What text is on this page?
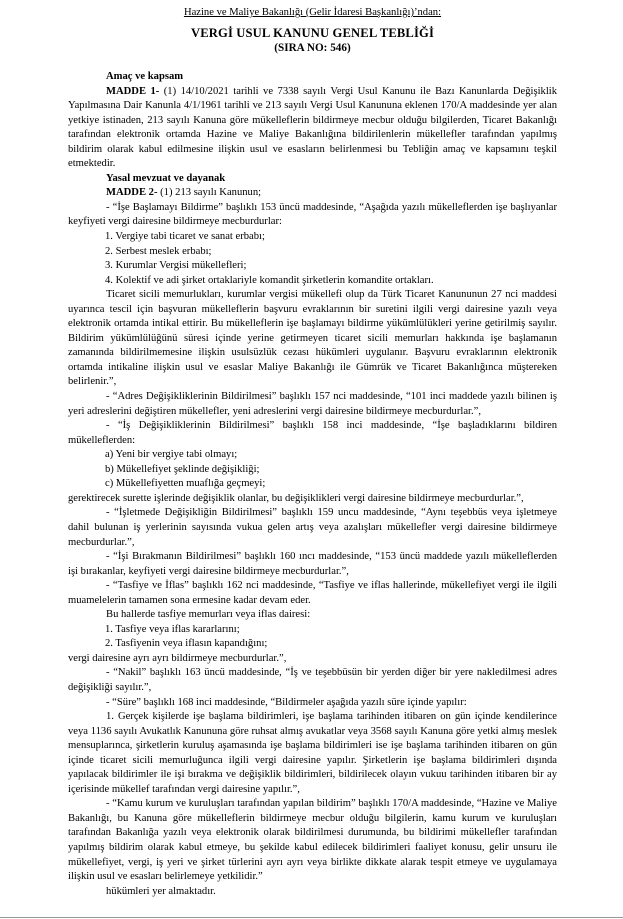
Hazine ve Maliye Bakanlığı (Gelir İdaresi Başkanlığı)’ndan:

VERGİ USUL KANUNU GENEL TEBLİĞİ

(SIRA NO: 546)

Amaç ve kapsam

MADDE 1- (1) 14/10/2021 tarihli ve 7338 sayılı Vergi Usul Kanunu ile Bazı Kanunlarda Değişiklik Yapılmasına Dair Kanunla 4/1/1961 tarihli ve 213 sayılı Vergi Usul Kanununa eklenen 170/A maddesinde yer alan yetkiye istinaden, 213 sayılı Kanuna göre mükelleflerin bildirmeye mecbur olduğu bilgilerden, Ticaret Bakanlığı tarafından elektronik ortamda Hazine ve Maliye Bakanlığına bildirilenlerin mükellefler tarafından yapılmış bildirim olarak kabul edilmesine ilişkin usul ve esasların belirlenmesi bu Tebliğin amaç ve kapsamını teşkil etmektedir.

Yasal mevzuat ve dayanak

MADDE 2- (1) 213 sayılı Kanunun;

- “İşe Başlamayı Bildirme” başlıklı 153 üncü maddesinde, “Aşağıda yazılı mükelleflerden işe başlıyanlar keyfiyeti vergi dairesine bildirmeye mecburdurlar:

1. Vergiye tabi ticaret ve sanat erbabı;

2. Serbest meslek erbabı;

3. Kurumlar Vergisi mükellefleri;

4. Kolektif ve adi şirket ortaklariyle komandit şirketlerin komandite ortakları.

Ticaret sicili memurlukları, kurumlar vergisi mükellefi olup da Türk Ticaret Kanununun 27 nci maddesi uyarınca tescil için başvuran mükelleflerin başvuru evraklarının bir suretini ilgili vergi dairesine yazılı veya elektronik ortamda intikal ettirir. Bu mükelleflerin işe başlamayı bildirme yükümlülükleri yerine getirilmiş sayılır. Bildirim yükümlülüğünü süresi içinde yerine getirmeyen ticaret sicili memurları hakkında işe başlamanın zamanında bildirilmemesine ilişkin usulsüzlük cezası hükümleri uygulanır. Başvuru evraklarının elektronik ortamda intikaline ilişkin usul ve esaslar Maliye Bakanlığı ile Gümrük ve Ticaret Bakanlığınca müştereken belirlenir.”,

- “Adres Değişikliklerinin Bildirilmesi” başlıklı 157 nci maddesinde, “101 inci maddede yazılı bilinen iş yeri adreslerini değiştiren mükellefler, yeni adreslerini vergi dairesine bildirmeye mecburdurlar.”,

- “İş Değişikliklerinin Bildirilmesi” başlıklı 158 inci maddesinde, “İşe başladıklarını bildiren mükelleflerden:

a) Yeni bir vergiye tabi olmayı;

b) Mükellefiyet şeklinde değişikliği;

c) Mükellefiyetten muaflığa geçmeyi;

gerektirecek surette işlerinde değişiklik olanlar, bu değişiklikleri vergi dairesine bildirmeye mecburdurlar.”,

- “İşletmede Değişikliğin Bildirilmesi” başlıklı 159 uncu maddesinde, “Aynı teşebbüs veya işletmeye dahil bulunan iş yerlerinin sayısında vukua gelen artış veya azalışları mükellefler vergi dairesine bildirmeye mecburdurlar.”,

- “İşi Bırakmanın Bildirilmesi” başlıklı 160 ıncı maddesinde, “153 üncü maddede yazılı mükelleflerden işi bırakanlar, keyfiyeti vergi dairesine bildirmeye mecburdurlar.”,

- “Tasfiye ve İflas” başlıklı 162 nci maddesinde, “Tasfiye ve iflas hallerinde, mükellefiyet vergi ile ilgili muamelelerin tamamen sona ermesine kadar devam eder.

Bu hallerde tasfiye memurları veya iflas dairesi:

1. Tasfiye veya iflas kararlarını;

2. Tasfiyenin veya iflasın kapandığını;

vergi dairesine ayrı ayrı bildirmeye mecburdurlar.”,

- “Nakil” başlıklı 163 üncü maddesinde, “İş ve teşebbüsün bir yerden diğer bir yere nakledilmesi adres değişikliği sayılır.”,

- “Süre” başlıklı 168 inci maddesinde, “Bildirmeler aşağıda yazılı süre içinde yapılır:

1. Gerçek kişilerde işe başlama bildirimleri, işe başlama tarihinden itibaren on gün içinde kendilerince veya 1136 sayılı Avukatlık Kanununa göre ruhsat almış avukatlar veya 3568 sayılı Kanuna göre yetki almış meslek mensuplarınca, şirketlerin kuruluş aşamasında işe başlama bildirimleri ise işe başlama tarihinden itibaren on gün içinde ticaret sicili memurluğunca ilgili vergi dairesine yapılır. Şirketlerin işe başlama bildirimleri dışında yapılacak bildirimler ile işi bırakma ve değişiklik bildirimleri, bildirilecek olayın vukuu tarihinden itibaren bir ay içerisinde mükellef tarafından vergi dairesine yapılır.”,

- “Kamu kurum ve kuruluşları tarafından yapılan bildirim” başlıklı 170/A maddesinde, “Hazine ve Maliye Bakanlığı, bu Kanuna göre mükelleflerin bildirmeye mecbur olduğu bilgilerin, kamu kurum ve kuruluşları tarafından Bakanlığa yazılı veya elektronik olarak bildirilmesi durumunda, bu bildirimi mükellefler tarafından yapılmış bildirim olarak kabul etmeye, bu şekilde kabul edilecek bildirimleri faaliyet konusu, gelir unsuru ile mükellefiyet, vergi, iş yeri ve şirket türlerini ayrı ayrı veya birlikte dikkate alarak tespit etmeye ve uygulamaya ilişkin usul ve esasları belirlemeye yetkilidir.”

hükümleri yer almaktadır.
